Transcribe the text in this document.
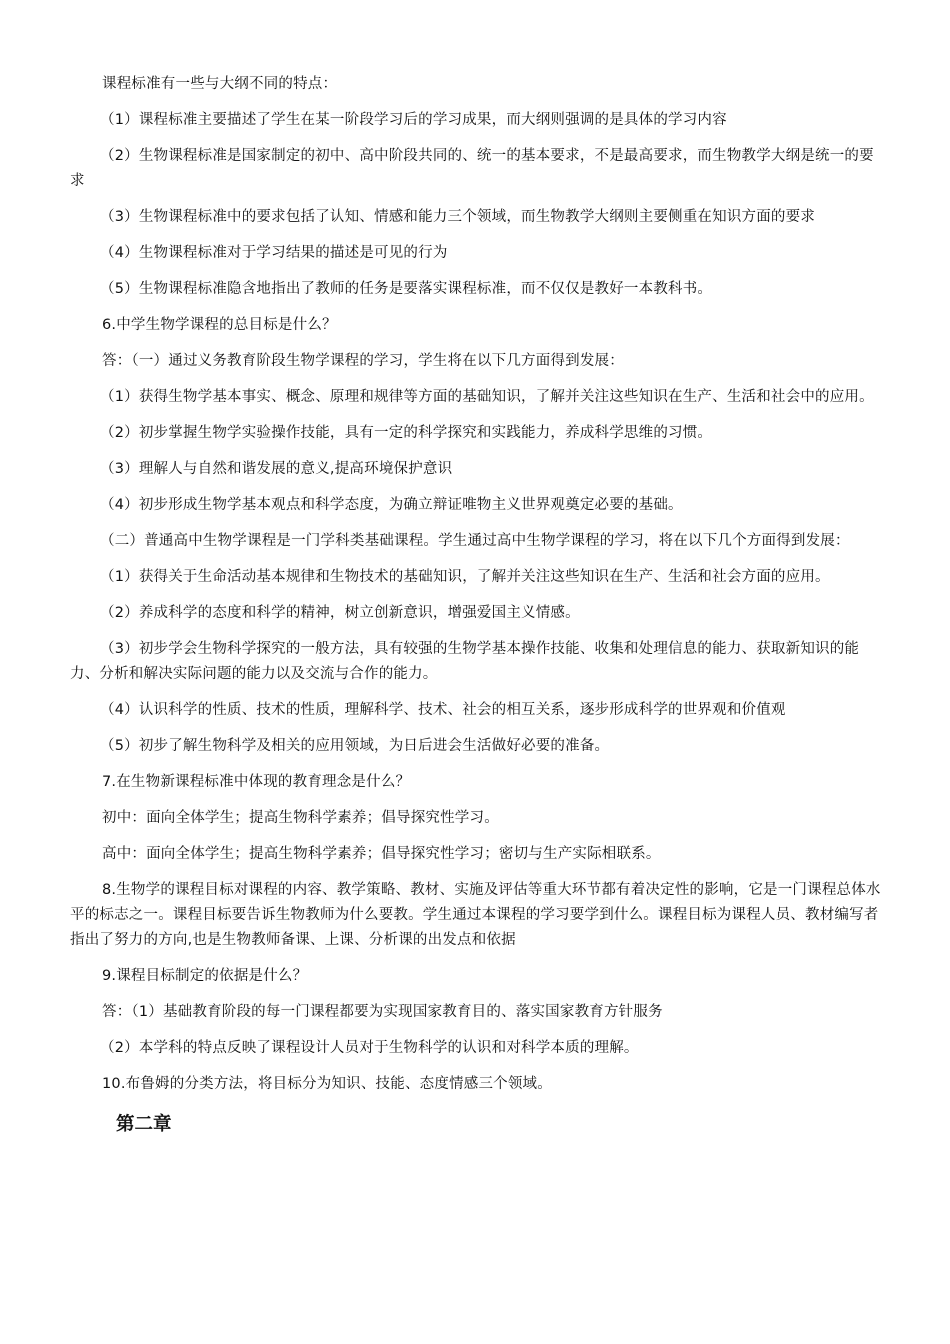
课程标准有一些与大纲不同的特点：

（1）课程标准主要描述了学生在某一阶段学习后的学习成果，而大纲则强调的是具体的学习内容

（2）生物课程标准是国家制定的初中、高中阶段共同的、统一的基本要求，不是最高要求，而生物教学大纲是统一的要求

（3）生物课程标准中的要求包括了认知、情感和能力三个领域，而生物教学大纲则主要侧重在知识方面的要求

（4）生物课程标准对于学习结果的描述是可见的行为

（5）生物课程标准隐含地指出了教师的任务是要落实课程标准，而不仅仅是教好一本教科书。

6.中学生物学课程的总目标是什么？

答：（一）通过义务教育阶段生物学课程的学习，学生将在以下几方面得到发展：

（1）获得生物学基本事实、概念、原理和规律等方面的基础知识，了解并关注这些知识在生产、生活和社会中的应用。

（2）初步掌握生物学实验操作技能，具有一定的科学探究和实践能力，养成科学思维的习惯。

（3）理解人与自然和谐发展的意义,提高环境保护意识

（4）初步形成生物学基本观点和科学态度，为确立辩证唯物主义世界观奠定必要的基础。

（二）普通高中生物学课程是一门学科类基础课程。学生通过高中生物学课程的学习，将在以下几个方面得到发展：

（1）获得关于生命活动基本规律和生物技术的基础知识，了解并关注这些知识在生产、生活和社会方面的应用。

（2）养成科学的态度和科学的精神，树立创新意识，增强爱国主义情感。

（3）初步学会生物科学探究的一般方法，具有较强的生物学基本操作技能、收集和处理信息的能力、获取新知识的能力、分析和解决实际问题的能力以及交流与合作的能力。

（4）认识科学的性质、技术的性质，理解科学、技术、社会的相互关系，逐步形成科学的世界观和价值观

（5）初步了解生物科学及相关的应用领域，为日后进会生活做好必要的准备。

7.在生物新课程标准中体现的教育理念是什么？

初中：面向全体学生；提高生物科学素养；倡导探究性学习。

高中：面向全体学生；提高生物科学素养；倡导探究性学习；密切与生产实际相联系。

8.生物学的课程目标对课程的内容、教学策略、教材、实施及评估等重大环节都有着决定性的影响，它是一门课程总体水平的标志之一。课程目标要告诉生物教师为什么要教。学生通过本课程的学习要学到什么。课程目标为课程人员、教材编写者指出了努力的方向,也是生物教师备课、上课、分析课的出发点和依据

9.课程目标制定的依据是什么？

答：（1）基础教育阶段的每一门课程都要为实现国家教育目的、落实国家教育方针服务

（2）本学科的特点反映了课程设计人员对于生物科学的认识和对科学本质的理解。

10.布鲁姆的分类方法，将目标分为知识、技能、态度情感三个领域。

第二章
